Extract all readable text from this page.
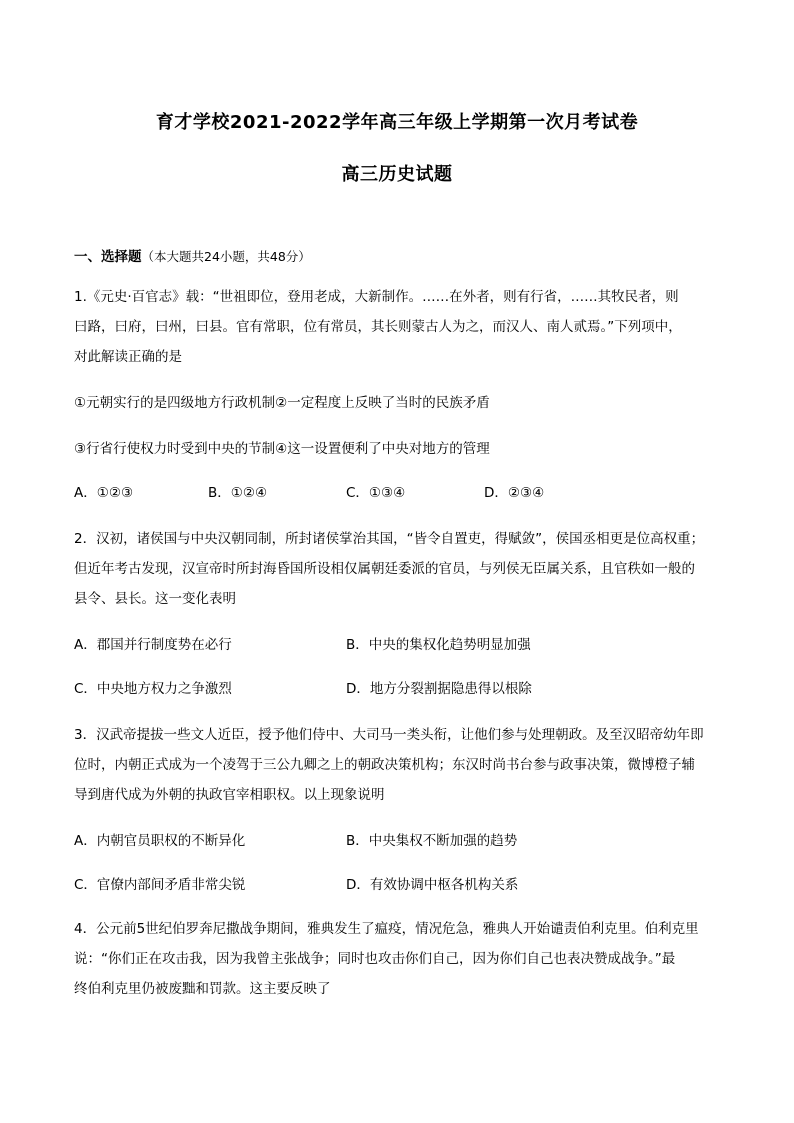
育才学校2021-2022学年高三年级上学期第一次月考试卷
高三历史试题
一、选择题（本大题共24小题，共48分）
1.《元史·百官志》载：“世祖即位，登用老成，大新制作。……在外者，则有行省，……其牧民者，则
曰路，曰府，曰州，曰县。官有常职，位有常员，其长则蒙古人为之，而汉人、南人贰焉。”下列项中，
对此解读正确的是
①元朝实行的是四级地方行政机制②一定程度上反映了当时的民族矛盾
③行省行使权力时受到中央的节制④这一设置便利了中央对地方的管理
A．①②③	B．①②④	C．①③④	D．②③④
2．汉初，诸侯国与中央汉朝同制，所封诸侯掌治其国，“皆令自置吏，得赋敛”，侯国丞相更是位高权重；
但近年考古发现，汉宣帝时所封海昏国所设相仅属朝廷委派的官员，与列侯无臣属关系，且官秩如一般的
县令、县长。这一变化表明
A．郡国并行制度势在必行	B．中央的集权化趋势明显加强
C．中央地方权力之争激烈	D．地方分裂割据隐患得以根除
3．汉武帝提拔一些文人近臣，授予他们侍中、大司马一类头衔，让他们参与处理朝政。及至汉昭帝幼年即
位时，内朝正式成为一个凌驾于三公九卿之上的朝政决策机构；东汉时尚书台参与政事决策，微博橙子辅
导到唐代成为外朝的执政官宰相职权。以上现象说明
A．内朝官员职权的不断异化	B．中央集权不断加强的趋势
C．官僚内部间矛盾非常尖锐	D．有效协调中枢各机构关系
4．公元前5世纪伯罗奔尼撒战争期间，雅典发生了瘟疫，情况危急，雅典人开始谴责伯利克里。伯利克里
说：“你们正在攻击我，因为我曾主张战争；同时也攻击你们自己，因为你们自己也表决赞成战争。”最
终伯利克里仍被废黜和罚款。这主要反映了
